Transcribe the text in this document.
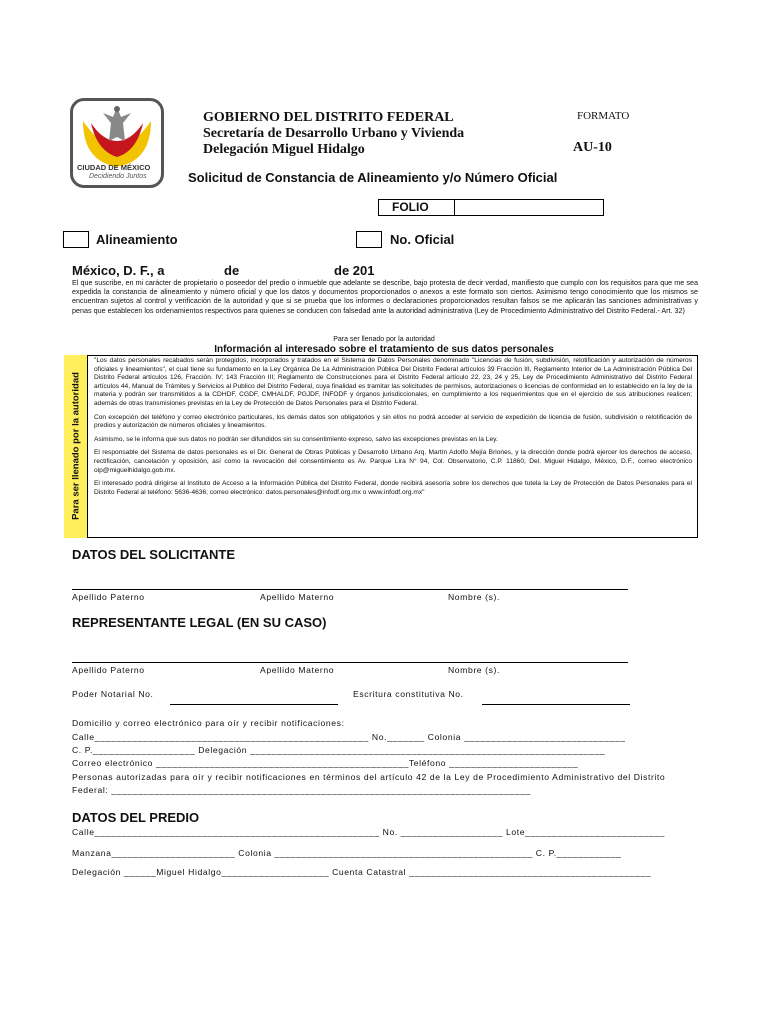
CIUDAD DE MÉXICO
Decidiendo Juntos
GOBIERNO DEL DISTRITO FEDERAL
Secretaría de Desarrollo Urbano y Vivienda
Delegación Miguel Hidalgo
FORMATO
AU-10
Solicitud de Constancia de Alineamiento y/o Número Oficial
FOLIO
Alineamiento	No. Oficial
México, D. F., a	de	de 201
El que suscribe, en mi carácter de propietario o poseedor del predio o inmueble que adelante se describe, bajo protesta de decir verdad, manifiesto que cumplo con los requisitos para que me sea expedida la constancia de alineamiento y número oficial y que los datos y documentos proporcionados o anexos a este formato son ciertos. Asimismo tengo conocimiento que los mismos se encuentran sujetos al control y verificación de la autoridad y que si se prueba que los informes o declaraciones proporcionados resultan falsos se me aplicarán las sanciones administrativas y penas que establecen los ordenamientos respectivos para quienes se conducen con falsedad ante la autoridad administrativa (Ley de Procedimiento Administrativo del Distrito Federal.- Art. 32)
Para ser llenado por la autoridad
Información al interesado sobre el tratamiento de sus datos personales
Para ser llenado por la autoridad

"Los datos personales recabados serán protegidos, incorporados y tratados en el Sistema de Datos Personales denominado "Licencias de fusión, subdivisión, relotificación y autorización de números oficiales y lineamientos", el cual tiene su fundamento en la Ley Orgánica De La Administración Pública Del Distrito Federal artículos 39 Fracción III, Reglamento Interior de La Administración Pública Del Distrito Federal artículos 126, Fracción. IV; 143 Fracción III; Reglamento de Construcciones para el Distrito Federal artículo 22, 23, 24 y 25, Ley de Procedimiento Administrativo del Distrito Federal artículos 44, Manual de Trámites y Servicios al Publico del Distrito Federal, cuya finalidad es tramitar las solicitudes de permisos, autorizaciones o licencias de conformidad en lo establecido en la ley de la materia y podrán ser transmitidos a la CDHDF, CGDF, CMHALDF, PGJDF, INFODF y órganos jurisdiccionales, en cumplimiento a los requerimientos que en el ejercicio de sus atribuciones realicen; además de otras transmisiones previstas en la Ley de Protección de Datos Personales para el Distrito Federal.

Con excepción del teléfono y correo electrónico particulares, los demás datos son obligatorios y sin ellos no podrá acceder al servicio de expedición de licencia de fusión, subdivisión o relotificación de predios y autorización de números oficiales y lineamientos.

Asimismo, se le informa que sus datos no podrán ser difundidos sin su consentimiento expreso, salvo las excepciones previstas en la Ley.

El responsable del Sistema de datos personales es el Dir. General de Obras Públicas y Desarrollo Urbano Arq. Martín Adolfo Mejía Briones, y la dirección donde podrá ejercer los derechos de acceso, rectificación, cancelación y oposición, así como la revocación del consentimiento es Av. Parque Lira N° 94, Col. Observatorio, C.P. 11860, Del. Miguel Hidalgo, México, D.F., correo electrónico oip@miguelhidalgo.gob.mx.

El interesado podrá dirigirse al Instituto de Acceso a la Información Pública del Distrito Federal, donde recibirá asesoría sobre los derechos que tutela la Ley de Protección de Datos Personales para el Distrito Federal al teléfono: 5636-4636; correo electrónico: datos.personales@infodf.org.mx o www.infodf.org.mx"

DATOS DEL SOLICITANTE
Apellido Paterno	Apellido Materno	Nombre (s).
REPRESENTANTE LEGAL (EN SU CASO)
Apellido Paterno	Apellido Materno	Nombre (s).
Poder Notarial No.	Escritura constitutiva No.
Domicilio y correo electrónico para oír y recibir notificaciones:
Calle___________________________________________________ No._______ Colonia ______________________________
C. P.___________________ Delegación __________________________________________________________________
Correo electrónico _______________________________________________Teléfono ________________________
Personas autorizadas para oír y recibir notificaciones en términos del artículo 42 de la Ley de Procedimiento Administrativo del Distrito
Federal: ______________________________________________________________________________
DATOS DEL PREDIO
Calle_____________________________________________________ No. ___________________ Lote__________________________
Manzana_______________________ Colonia ________________________________________________ C. P.____________
Delegación ______Miguel Hidalgo____________________ Cuenta Catastral _____________________________________________
